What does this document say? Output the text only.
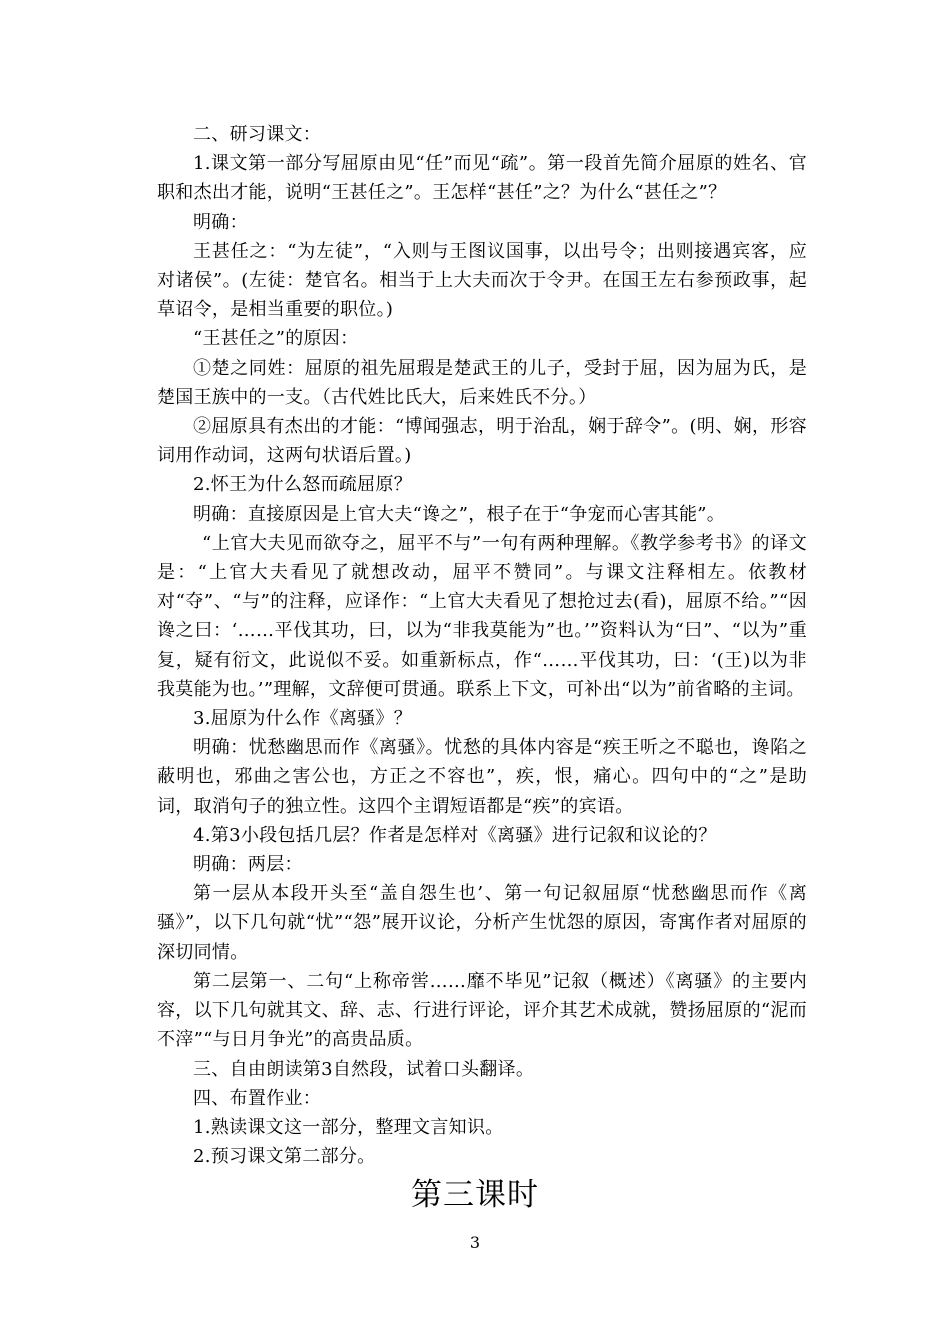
二、研习课文：

1.课文第一部分写屈原由见“任”而见“疏”。第一段首先简介屈原的姓名、官职和杰出才能，说明“王甚任之”。王怎样“甚任”之？为什么“甚任之”？

明确：

王甚任之：“为左徒”，“入则与王图议国事，以出号令；出则接遇宾客，应对诸侯”。(左徒：楚官名。相当于上大夫而次于令尹。在国王左右参预政事，起草诏令，是相当重要的职位。)

“王甚任之”的原因：

①楚之同姓：屈原的祖先屈瑕是楚武王的儿子，受封于屈，因为屈为氏，是楚国王族中的一支。（古代姓比氏大，后来姓氏不分。）

②屈原具有杰出的才能：“博闻强志，明于治乱，娴于辞令”。(明、娴，形容词用作动词，这两句状语后置。)

2.怀王为什么怒而疏屈原？

明确：直接原因是上官大夫“谗之”，根子在于“争宠而心害其能”。

“上官大夫见而欲夺之，屈平不与”一句有两种理解。《教学参考书》的译文是：“上官大夫看见了就想改动，屈平不赞同”。与课文注释相左。依教材对“夺”、“与”的注释，应译作：“上官大夫看见了想抢过去(看)，屈原不给。”“因谗之曰：‘……平伐其功，曰，以为“非我莫能为”也。’”资料认为“曰”、“以为”重复，疑有衍文，此说似不妥。如重新标点，作“……平伐其功，曰：‘(王)以为非我莫能为也。’”理解，文辞便可贯通。联系上下文，可补出“以为”前省略的主词。

3.屈原为什么作《离骚》？

明确：忧愁幽思而作《离骚》。忧愁的具体内容是“疾王听之不聪也，谗陷之蔽明也，邪曲之害公也，方正之不容也”，疾，恨，痛心。四句中的“之”是助词，取消句子的独立性。这四个主谓短语都是“疾”的宾语。

4.第3小段包括几层？作者是怎样对《离骚》进行记叙和议论的？

明确：两层：

第一层从本段开头至“盖自怨生也’、第一句记叙屈原“忧愁幽思而作《离骚》”，以下几句就“忧”“怨”展开议论，分析产生忧怨的原因，寄寓作者对屈原的深切同情。

第二层第一、二句“上称帝喾……靡不毕见”记叙（概述）《离骚》的主要内容，以下几句就其文、辞、志、行进行评论，评介其艺术成就，赞扬屈原的“泥而不滓”“与日月争光”的高贵品质。

三、自由朗读第3自然段，试着口头翻译。

四、布置作业：

1.熟读课文这一部分，整理文言知识。

2.预习课文第二部分。

第三课时
3
